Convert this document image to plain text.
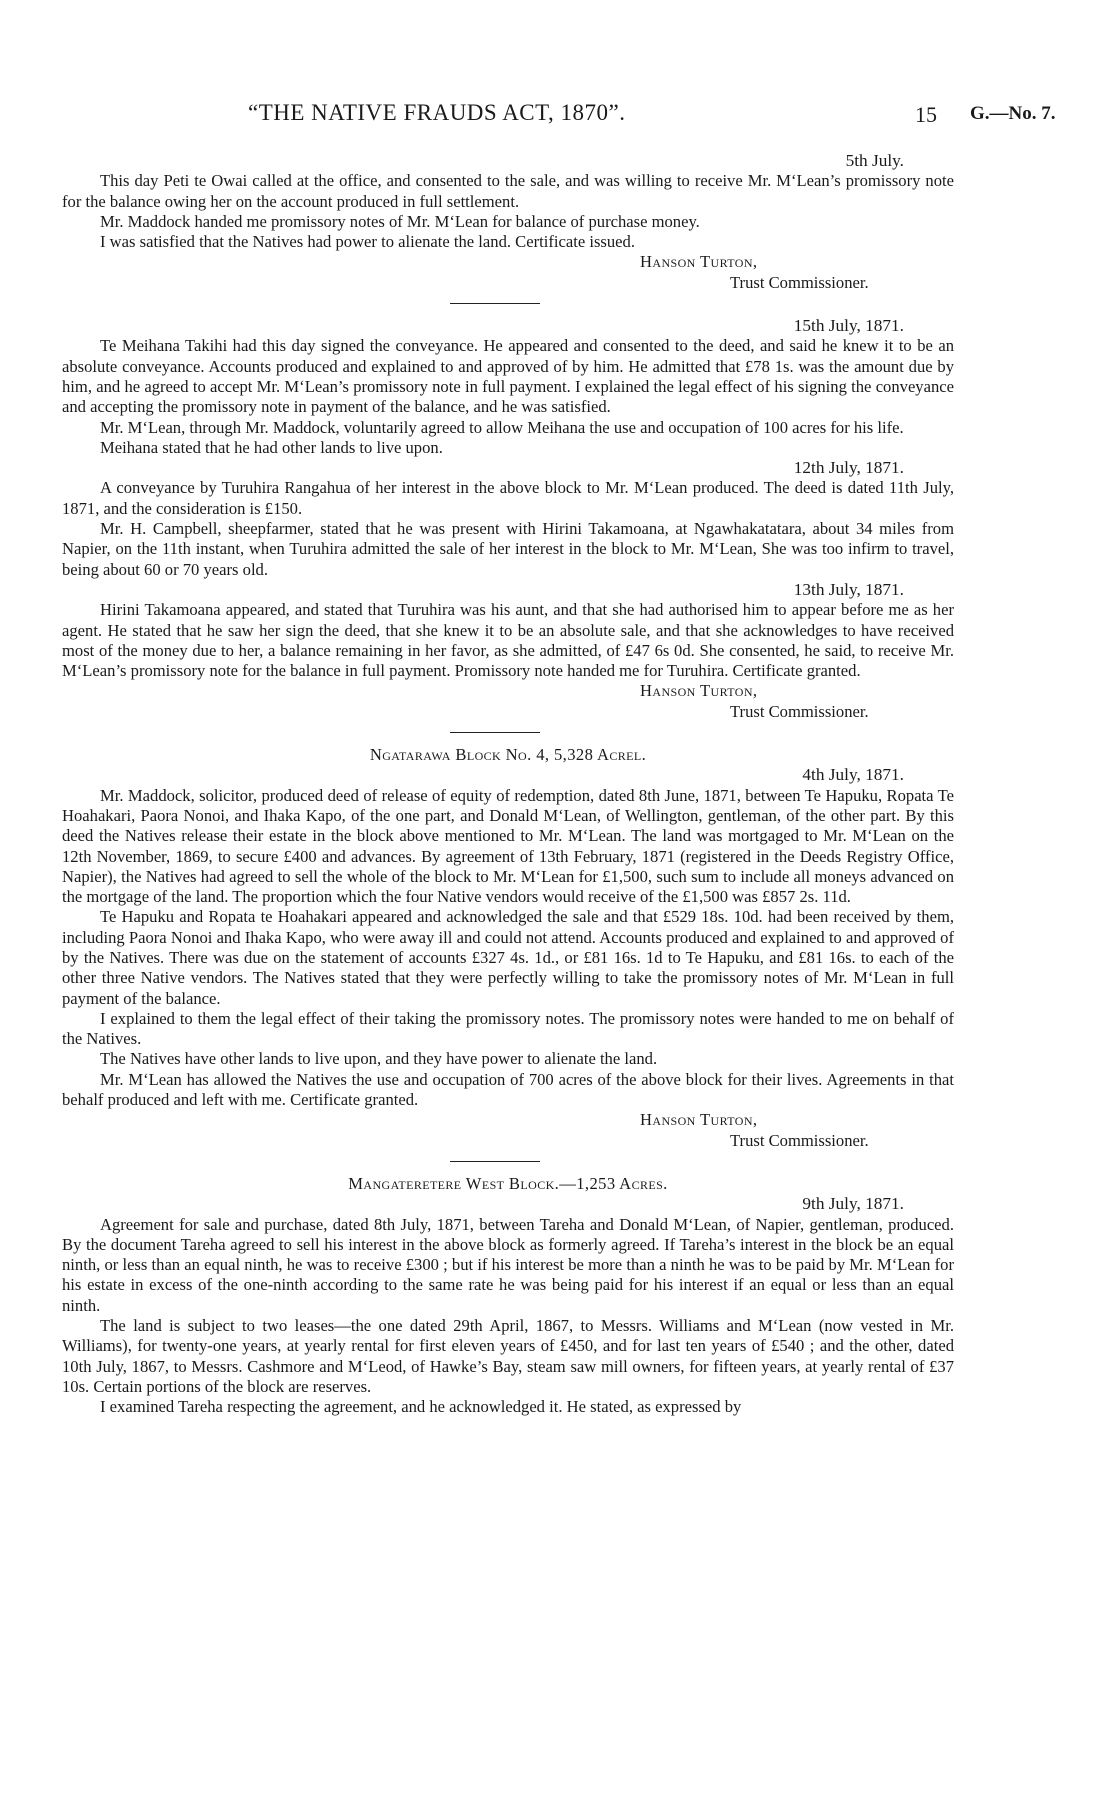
“THE NATIVE FRAUDS ACT, 1870”.	15 G.—No. 7.

5th July.

This day Peti te Owai called at the office, and consented to the sale, and was willing to receive Mr. M‘Lean’s promissory note for the balance owing her on the account produced in full settlement.

Mr. Maddock handed me promissory notes of Mr. M‘Lean for balance of purchase money.

I was satisfied that the Natives had power to alienate the land. Certificate issued.

Hanson Turton,
Trust Commissioner.

15th July, 1871.

Te Meihana Takihi had this day signed the conveyance. He appeared and consented to the deed, and said he knew it to be an absolute conveyance. Accounts produced and explained to and approved of by him. He admitted that £78 1s. was the amount due by him, and he agreed to accept Mr. M‘Lean’s promissory note in full payment. I explained the legal effect of his signing the conveyance and accepting the promissory note in payment of the balance, and he was satisfied.

Mr. M‘Lean, through Mr. Maddock, voluntarily agreed to allow Meihana the use and occupation of 100 acres for his life.

Meihana stated that he had other lands to live upon.

12th July, 1871.

A conveyance by Turuhira Rangahua of her interest in the above block to Mr. M‘Lean produced. The deed is dated 11th July, 1871, and the consideration is £150.

Mr. H. Campbell, sheepfarmer, stated that he was present with Hirini Takamoana, at Ngawhakatatara, about 34 miles from Napier, on the 11th instant, when Turuhira admitted the sale of her interest in the block to Mr. M‘Lean, She was too infirm to travel, being about 60 or 70 years old.

13th July, 1871.

Hirini Takamoana appeared, and stated that Turuhira was his aunt, and that she had authorised him to appear before me as her agent. He stated that he saw her sign the deed, that she knew it to be an absolute sale, and that she acknowledges to have received most of the money due to her, a balance remaining in her favor, as she admitted, of £47 6s 0d. She consented, he said, to receive Mr. M‘Lean’s promissory note for the balance in full payment. Promissory note handed me for Turuhira. Certificate granted.

Hanson Turton,
Trust Commissioner.

Ngatarawa Block No. 4, 5,328 Acrel.

4th July, 1871.

Mr. Maddock, solicitor, produced deed of release of equity of redemption, dated 8th June, 1871, between Te Hapuku, Ropata Te Hoahakari, Paora Nonoi, and Ihaka Kapo, of the one part, and Donald M‘Lean, of Wellington, gentleman, of the other part. By this deed the Natives release their estate in the block above mentioned to Mr. M‘Lean. The land was mortgaged to Mr. M‘Lean on the 12th November, 1869, to secure £400 and advances. By agreement of 13th February, 1871 (registered in the Deeds Registry Office, Napier), the Natives had agreed to sell the whole of the block to Mr. M‘Lean for £1,500, such sum to include all moneys advanced on the mortgage of the land. The proportion which the four Native vendors would receive of the £1,500 was £857 2s. 11d.

Te Hapuku and Ropata te Hoahakari appeared and acknowledged the sale and that £529 18s. 10d. had been received by them, including Paora Nonoi and Ihaka Kapo, who were away ill and could not attend. Accounts produced and explained to and approved of by the Natives. There was due on the statement of accounts £327 4s. 1d., or £81 16s. 1d to Te Hapuku, and £81 16s. to each of the other three Native vendors. The Natives stated that they were perfectly willing to take the promissory notes of Mr. M‘Lean in full payment of the balance.

I explained to them the legal effect of their taking the promissory notes. The promissory notes were handed to me on behalf of the Natives.

The Natives have other lands to live upon, and they have power to alienate the land.

Mr. M‘Lean has allowed the Natives the use and occupation of 700 acres of the above block for their lives. Agreements in that behalf produced and left with me. Certificate granted.

Hanson Turton,
Trust Commissioner.

Mangateretere West Block.—1,253 Acres.

9th July, 1871.

Agreement for sale and purchase, dated 8th July, 1871, between Tareha and Donald M‘Lean, of Napier, gentleman, produced. By the document Tareha agreed to sell his interest in the above block as formerly agreed. If Tareha’s interest in the block be an equal ninth, or less than an equal ninth, he was to receive £300 ; but if his interest be more than a ninth he was to be paid by Mr. M‘Lean for his estate in excess of the one-ninth according to the same rate he was being paid for his interest if an equal or less than an equal ninth.

The land is subject to two leases—the one dated 29th April, 1867, to Messrs. Williams and M‘Lean (now vested in Mr. Williams), for twenty-one years, at yearly rental for first eleven years of £450, and for last ten years of £540 ; and the other, dated 10th July, 1867, to Messrs. Cashmore and M‘Leod, of Hawke’s Bay, steam saw mill owners, for fifteen years, at yearly rental of £37 10s. Certain portions of the block are reserves.

I examined Tareha respecting the agreement, and he acknowledged it. He stated, as expressed by
